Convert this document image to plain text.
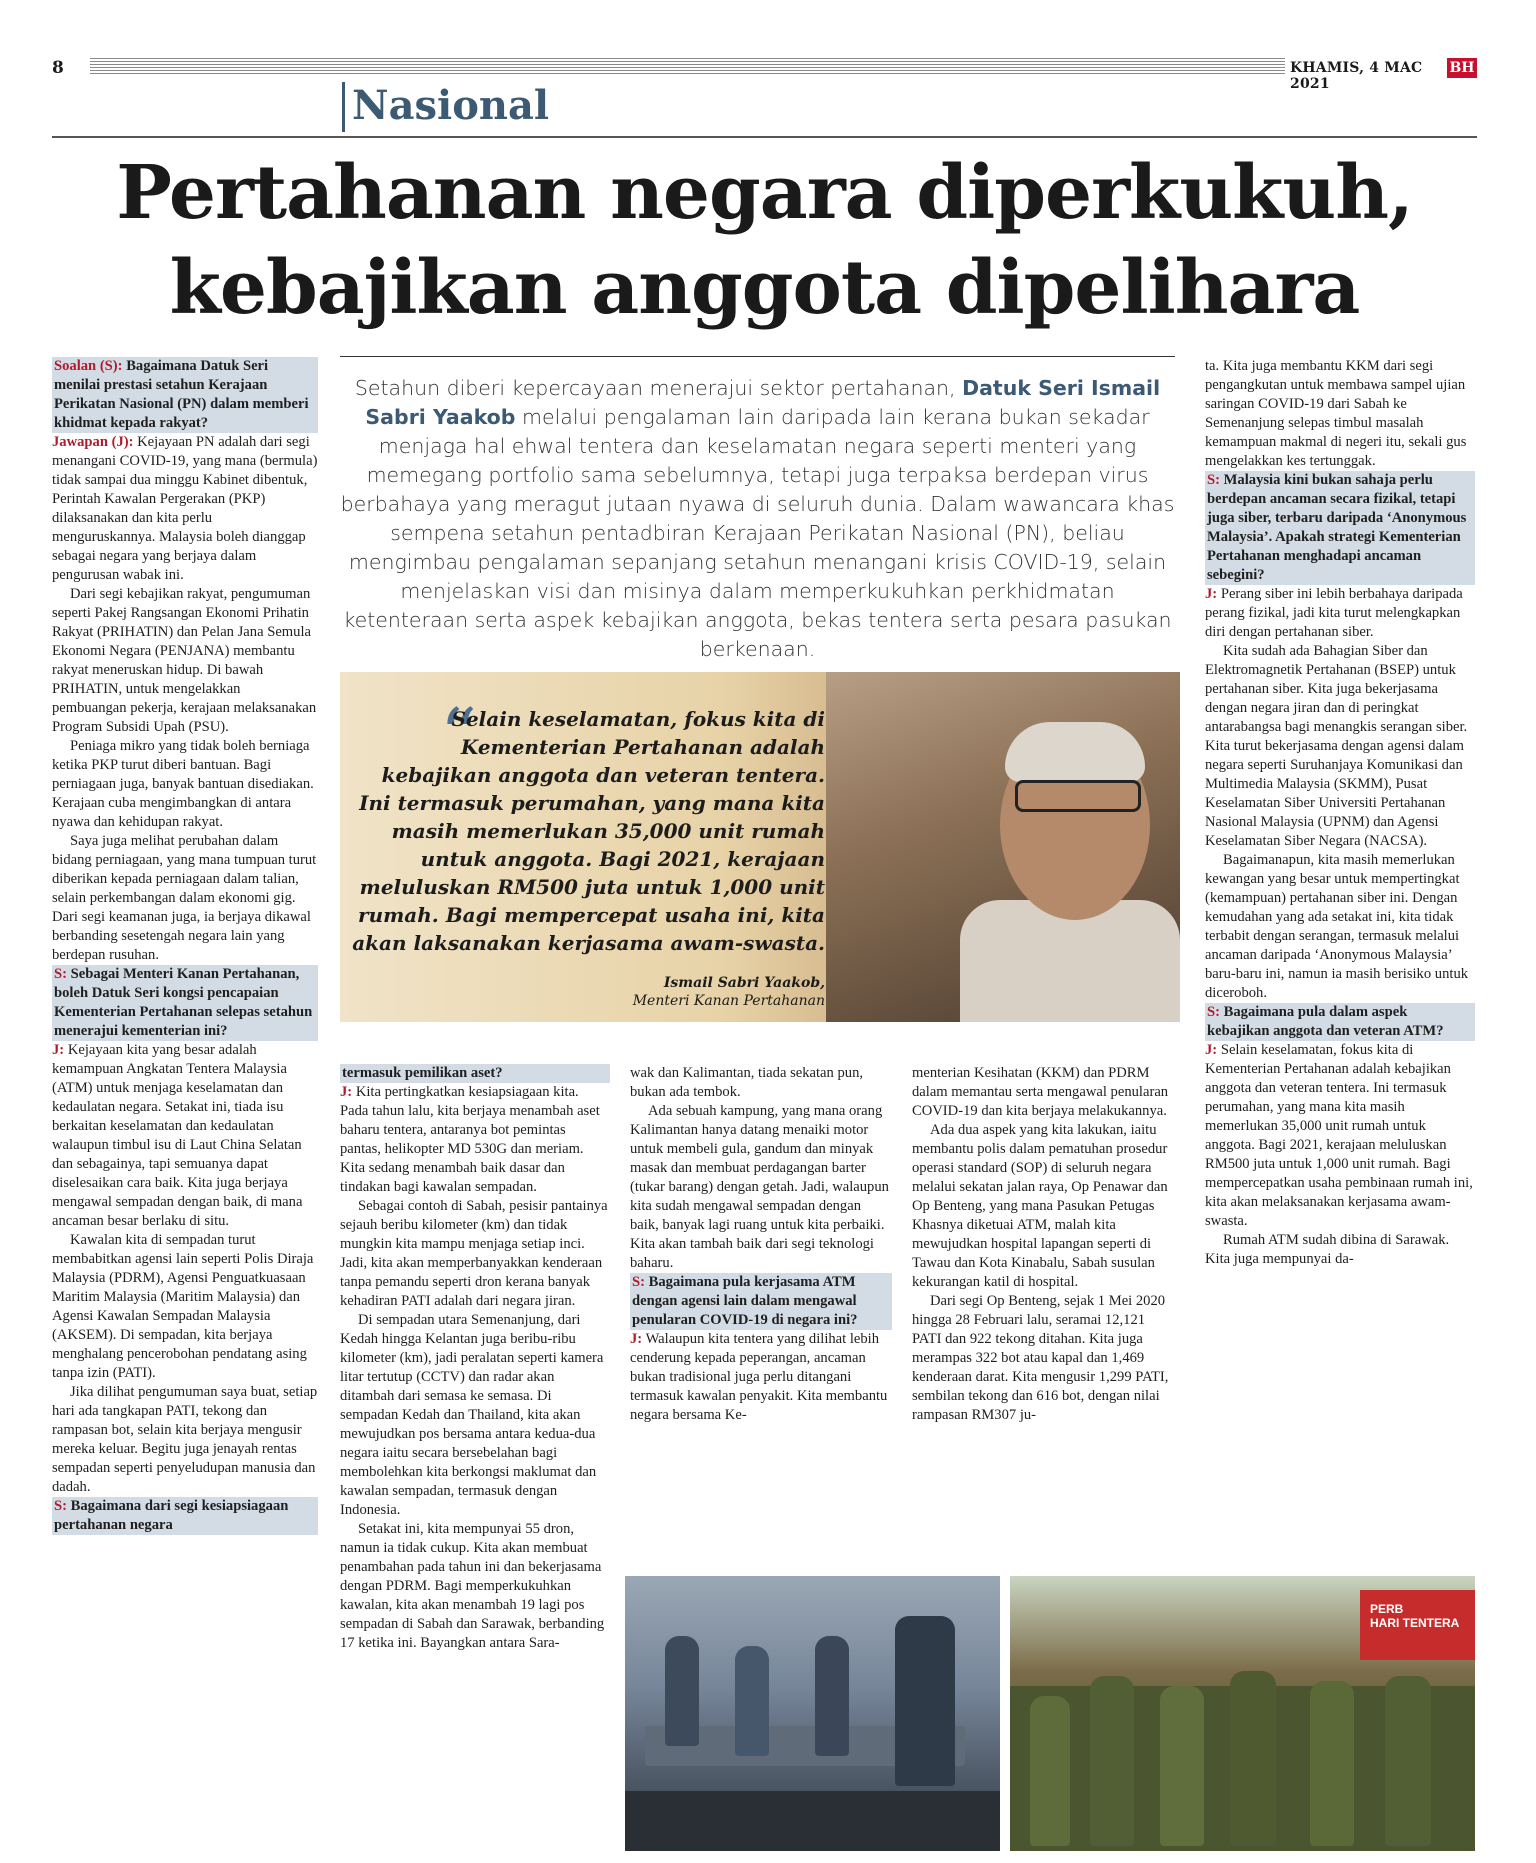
8	KHAMIS, 4 MAC 2021
BH
Nasional
Pertahanan negara diperkukuh,
kebajikan anggota dipelihara
Setahun diberi kepercayaan menerajui sektor pertahanan, Datuk Seri Ismail Sabri Yaakob melalui pengalaman lain daripada lain kerana bukan sekadar menjaga hal ehwal tentera dan keselamatan negara seperti menteri yang memegang portfolio sama sebelumnya, tetapi juga terpaksa berdepan virus berbahaya yang meragut jutaan nyawa di seluruh dunia. Dalam wawancara khas sempena setahun pentadbiran Kerajaan Perikatan Nasional (PN), beliau mengimbau pengalaman sepanjang setahun menangani krisis COVID-19, selain menjelaskan visi dan misinya dalam memperkukuhkan perkhidmatan ketenteraan serta aspek kebajikan anggota, bekas tentera serta pesara pasukan berkenaan.
“
Selain keselamatan, fokus kita di Kementerian Pertahanan adalah kebajikan anggota dan veteran tentera. Ini termasuk perumahan, yang mana kita masih memerlukan 35,000 unit rumah untuk anggota. Bagi 2021, kerajaan meluluskan RM500 juta untuk 1,000 unit rumah. Bagi mempercepat usaha ini, kita akan laksanakan kerjasama awam-swasta.
Ismail Sabri Yaakob,
Menteri Kanan Pertahanan

Soalan (S): Bagaimana Datuk Seri menilai prestasi setahun Kerajaan Perikatan Nasional (PN) dalam memberi khidmat kepada rakyat?

Jawapan (J): Kejayaan PN adalah dari segi menangani COVID-19, yang mana (bermula) tidak sampai dua minggu Kabinet dibentuk, Perintah Kawalan Pergerakan (PKP) dilaksanakan dan kita perlu menguruskannya. Malaysia boleh dianggap sebagai negara yang berjaya dalam pengurusan wabak ini.

Dari segi kebajikan rakyat, pengumuman seperti Pakej Rangsangan Ekonomi Prihatin Rakyat (PRIHATIN) dan Pelan Jana Semula Ekonomi Negara (PENJANA) membantu rakyat meneruskan hidup. Di bawah PRIHATIN, untuk mengelakkan pembuangan pekerja, kerajaan melaksanakan Program Subsidi Upah (PSU).

Peniaga mikro yang tidak boleh berniaga ketika PKP turut diberi bantuan. Bagi perniagaan juga, banyak bantuan disediakan. Kerajaan cuba mengimbangkan di antara nyawa dan kehidupan rakyat.

Saya juga melihat perubahan dalam bidang perniagaan, yang mana tumpuan turut diberikan kepada perniagaan dalam talian, selain perkembangan dalam ekonomi gig. Dari segi keamanan juga, ia berjaya dikawal berbanding sesetengah negara lain yang berdepan rusuhan.

S: Sebagai Menteri Kanan Pertahanan, boleh Datuk Seri kongsi pencapaian Kementerian Pertahanan selepas setahun menerajui kementerian ini?

J: Kejayaan kita yang besar adalah kemampuan Angkatan Tentera Malaysia (ATM) untuk menjaga keselamatan dan kedaulatan negara. Setakat ini, tiada isu berkaitan keselamatan dan kedaulatan walaupun timbul isu di Laut China Selatan dan sebagainya, tapi semuanya dapat diselesaikan cara baik. Kita juga berjaya mengawal sempadan dengan baik, di mana ancaman besar berlaku di situ.

Kawalan kita di sempadan turut membabitkan agensi lain seperti Polis Diraja Malaysia (PDRM), Agensi Penguatkuasaan Maritim Malaysia (Maritim Malaysia) dan Agensi Kawalan Sempadan Malaysia (AKSEM). Di sempadan, kita berjaya menghalang pencerobohan pendatang asing tanpa izin (PATI).

Jika dilihat pengumuman saya buat, setiap hari ada tangkapan PATI, tekong dan rampasan bot, selain kita berjaya mengusir mereka keluar. Begitu juga jenayah rentas sempadan seperti penyeludupan manusia dan dadah.

S: Bagaimana dari segi kesiapsiagaan pertahanan negara

termasuk pemilikan aset?

J: Kita pertingkatkan kesiapsiagaan kita. Pada tahun lalu, kita berjaya menambah aset baharu tentera, antaranya bot pemintas pantas, helikopter MD 530G dan meriam. Kita sedang menambah baik dasar dan tindakan bagi kawalan sempadan.

Sebagai contoh di Sabah, pesisir pantainya sejauh beribu kilometer (km) dan tidak mungkin kita mampu menjaga setiap inci. Jadi, kita akan memperbanyakkan kenderaan tanpa pemandu seperti dron kerana banyak kehadiran PATI adalah dari negara jiran.

Di sempadan utara Semenanjung, dari Kedah hingga Kelantan juga beribu-ribu kilometer (km), jadi peralatan seperti kamera litar tertutup (CCTV) dan radar akan ditambah dari semasa ke semasa. Di sempadan Kedah dan Thailand, kita akan mewujudkan pos bersama antara kedua-dua negara iaitu secara bersebelahan bagi membolehkan kita berkongsi maklumat dan kawalan sempadan, termasuk dengan Indonesia.

Setakat ini, kita mempunyai 55 dron, namun ia tidak cukup. Kita akan membuat penambahan pada tahun ini dan bekerjasama dengan PDRM. Bagi memperkukuhkan kawalan, kita akan menambah 19 lagi pos sempadan di Sabah dan Sarawak, berbanding 17 ketika ini. Bayangkan antara Sara-

wak dan Kalimantan, tiada sekatan pun, bukan ada tembok.

Ada sebuah kampung, yang mana orang Kalimantan hanya datang menaiki motor untuk membeli gula, gandum dan minyak masak dan membuat perdagangan barter (tukar barang) dengan getah. Jadi, walaupun kita sudah mengawal sempadan dengan baik, banyak lagi ruang untuk kita perbaiki. Kita akan tambah baik dari segi teknologi baharu.

S: Bagaimana pula kerjasama ATM dengan agensi lain dalam mengawal penularan COVID-19 di negara ini?

J: Walaupun kita tentera yang dilihat lebih cenderung kepada peperangan, ancaman bukan tradisional juga perlu ditangani termasuk kawalan penyakit. Kita membantu negara bersama Ke-

menterian Kesihatan (KKM) dan PDRM dalam memantau serta mengawal penularan COVID-19 dan kita berjaya melakukannya.

Ada dua aspek yang kita lakukan, iaitu membantu polis dalam pematuhan prosedur operasi standard (SOP) di seluruh negara melalui sekatan jalan raya, Op Penawar dan Op Benteng, yang mana Pasukan Petugas Khasnya diketuai ATM, malah kita mewujudkan hospital lapangan seperti di Tawau dan Kota Kinabalu, Sabah susulan kekurangan katil di hospital.

Dari segi Op Benteng, sejak 1 Mei 2020 hingga 28 Februari lalu, seramai 12,121 PATI dan 922 tekong ditahan. Kita juga merampas 322 bot atau kapal dan 1,469 kenderaan darat. Kita mengusir 1,299 PATI, sembilan tekong dan 616 bot, dengan nilai rampasan RM307 ju-

ta. Kita juga membantu KKM dari segi pengangkutan untuk membawa sampel ujian saringan COVID-19 dari Sabah ke Semenanjung selepas timbul masalah kemampuan makmal di negeri itu, sekali gus mengelakkan kes tertunggak.

S: Malaysia kini bukan sahaja perlu berdepan ancaman secara fizikal, tetapi juga siber, terbaru daripada ‘Anonymous Malaysia’. Apakah strategi Kementerian Pertahanan menghadapi ancaman sebegini?

J: Perang siber ini lebih berbahaya daripada perang fizikal, jadi kita turut melengkapkan diri dengan pertahanan siber.

Kita sudah ada Bahagian Siber dan Elektromagnetik Pertahanan (BSEP) untuk pertahanan siber. Kita juga bekerjasama dengan negara jiran dan di peringkat antarabangsa bagi menangkis serangan siber. Kita turut bekerjasama dengan agensi dalam negara seperti Suruhanjaya Komunikasi dan Multimedia Malaysia (SKMM), Pusat Keselamatan Siber Universiti Pertahanan Nasional Malaysia (UPNM) dan Agensi Keselamatan Siber Negara (NACSA).

Bagaimanapun, kita masih memerlukan kewangan yang besar untuk mempertingkat (kemampuan) pertahanan siber ini. Dengan kemudahan yang ada setakat ini, kita tidak terbabit dengan serangan, termasuk melalui ancaman daripada ‘Anonymous Malaysia’ baru-baru ini, namun ia masih berisiko untuk diceroboh.

S: Bagaimana pula dalam aspek kebajikan anggota dan veteran ATM?

J: Selain keselamatan, fokus kita di Kementerian Pertahanan adalah kebajikan anggota dan veteran tentera. Ini termasuk perumahan, yang mana kita masih memerlukan 35,000 unit rumah untuk anggota. Bagi 2021, kerajaan meluluskan RM500 juta untuk 1,000 unit rumah. Bagi mempercepatkan usaha pembinaan rumah ini, kita akan melaksanakan kerjasama awam-swasta.

Rumah ATM sudah dibina di Sarawak. Kita juga mempunyai da-

PERB
HARI TENTERA
